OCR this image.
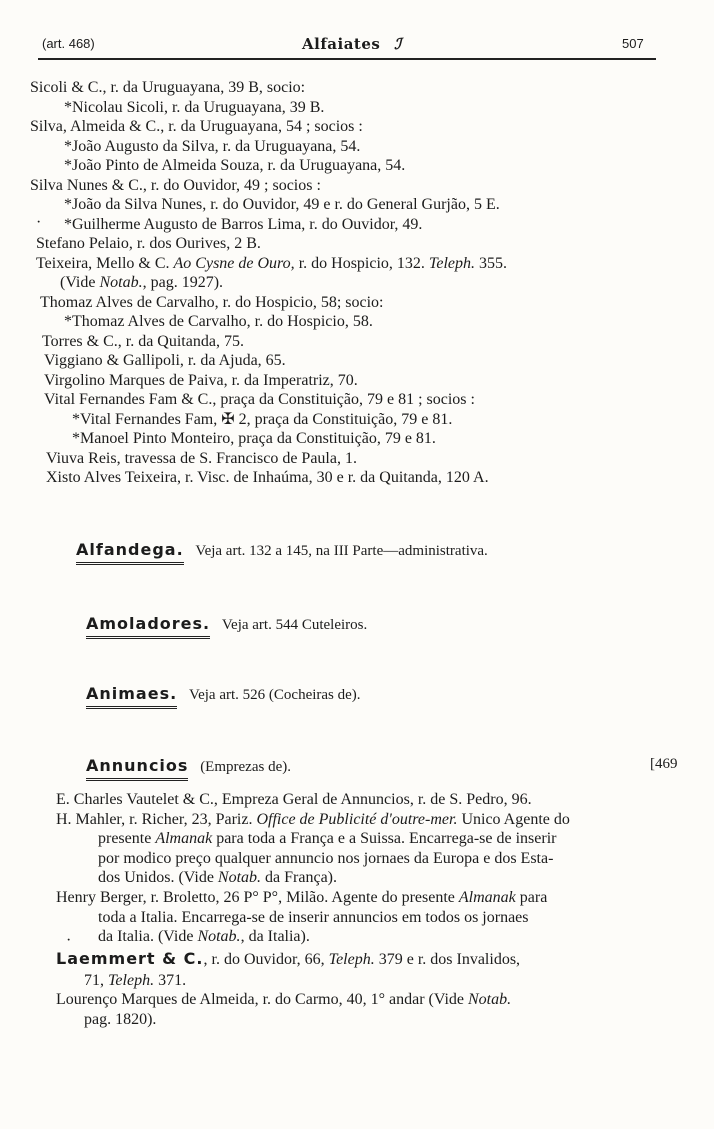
(art. 468)	Alfaiates ℐ	507
Sicoli & C., r. da Uruguayana, 39 B, socio:
*Nicolau Sicoli, r. da Uruguayana, 39 B.
Silva, Almeida & C., r. da Uruguayana, 54 ; socios :
*João Augusto da Silva, r. da Uruguayana, 54.
*João Pinto de Almeida Souza, r. da Uruguayana, 54.
Silva Nunes & C., r. do Ouvidor, 49 ; socios :
*João da Silva Nunes, r. do Ouvidor, 49 e r. do General Gurjão, 5 E.
*Guilherme Augusto de Barros Lima, r. do Ouvidor, 49.
Stefano Pelaio, r. dos Ourives, 2 B.
Teixeira, Mello & C. Ao Cysne de Ouro, r. do Hospicio, 132. Teleph. 355.
(Vide Notab., pag. 1927).
Thomaz Alves de Carvalho, r. do Hospicio, 58; socio:
*Thomaz Alves de Carvalho, r. do Hospicio, 58.
Torres & C., r. da Quitanda, 75.
Viggiano & Gallipoli, r. da Ajuda, 65.
Virgolino Marques de Paiva, r. da Imperatriz, 70.
Vital Fernandes Fam & C., praça da Constituição, 79 e 81 ; socios :
*Vital Fernandes Fam, ✠ 2, praça da Constituição, 79 e 81.
*Manoel Pinto Monteiro, praça da Constituição, 79 e 81.
Viuva Reis, travessa de S. Francisco de Paula, 1.
Xisto Alves Teixeira, r. Visc. de Inhaúma, 30 e r. da Quitanda, 120 A.
Alfandega. Veja art. 132 a 145, na III Parte—administrativa.
Amoladores. Veja art. 544 Cuteleiros.
Animaes. Veja art. 526 (Cocheiras de).
Annuncios (Emprezas de).	[469
E. Charles Vautelet & C., Empreza Geral de Annuncios, r. de S. Pedro, 96.
H. Mahler, r. Richer, 23, Pariz. Office de Publicité d'outre-mer. Unico Agente do
presente Almanak para toda a França e a Suissa. Encarrega-se de inserir
por modico preço qualquer annuncio nos jornaes da Europa e dos Esta-
dos Unidos. (Vide Notab. da França).
Henry Berger, r. Broletto, 26 P° P°, Milão. Agente do presente Almanak para
toda a Italia. Encarrega-se de inserir annuncios em todos os jornaes
da Italia. (Vide Notab., da Italia).
Laemmert & C., r. do Ouvidor, 66, Teleph. 379 e r. dos Invalidos,
71, Teleph. 371.
Lourenço Marques de Almeida, r. do Carmo, 40, 1° andar (Vide Notab.
pag. 1820).
·
·
